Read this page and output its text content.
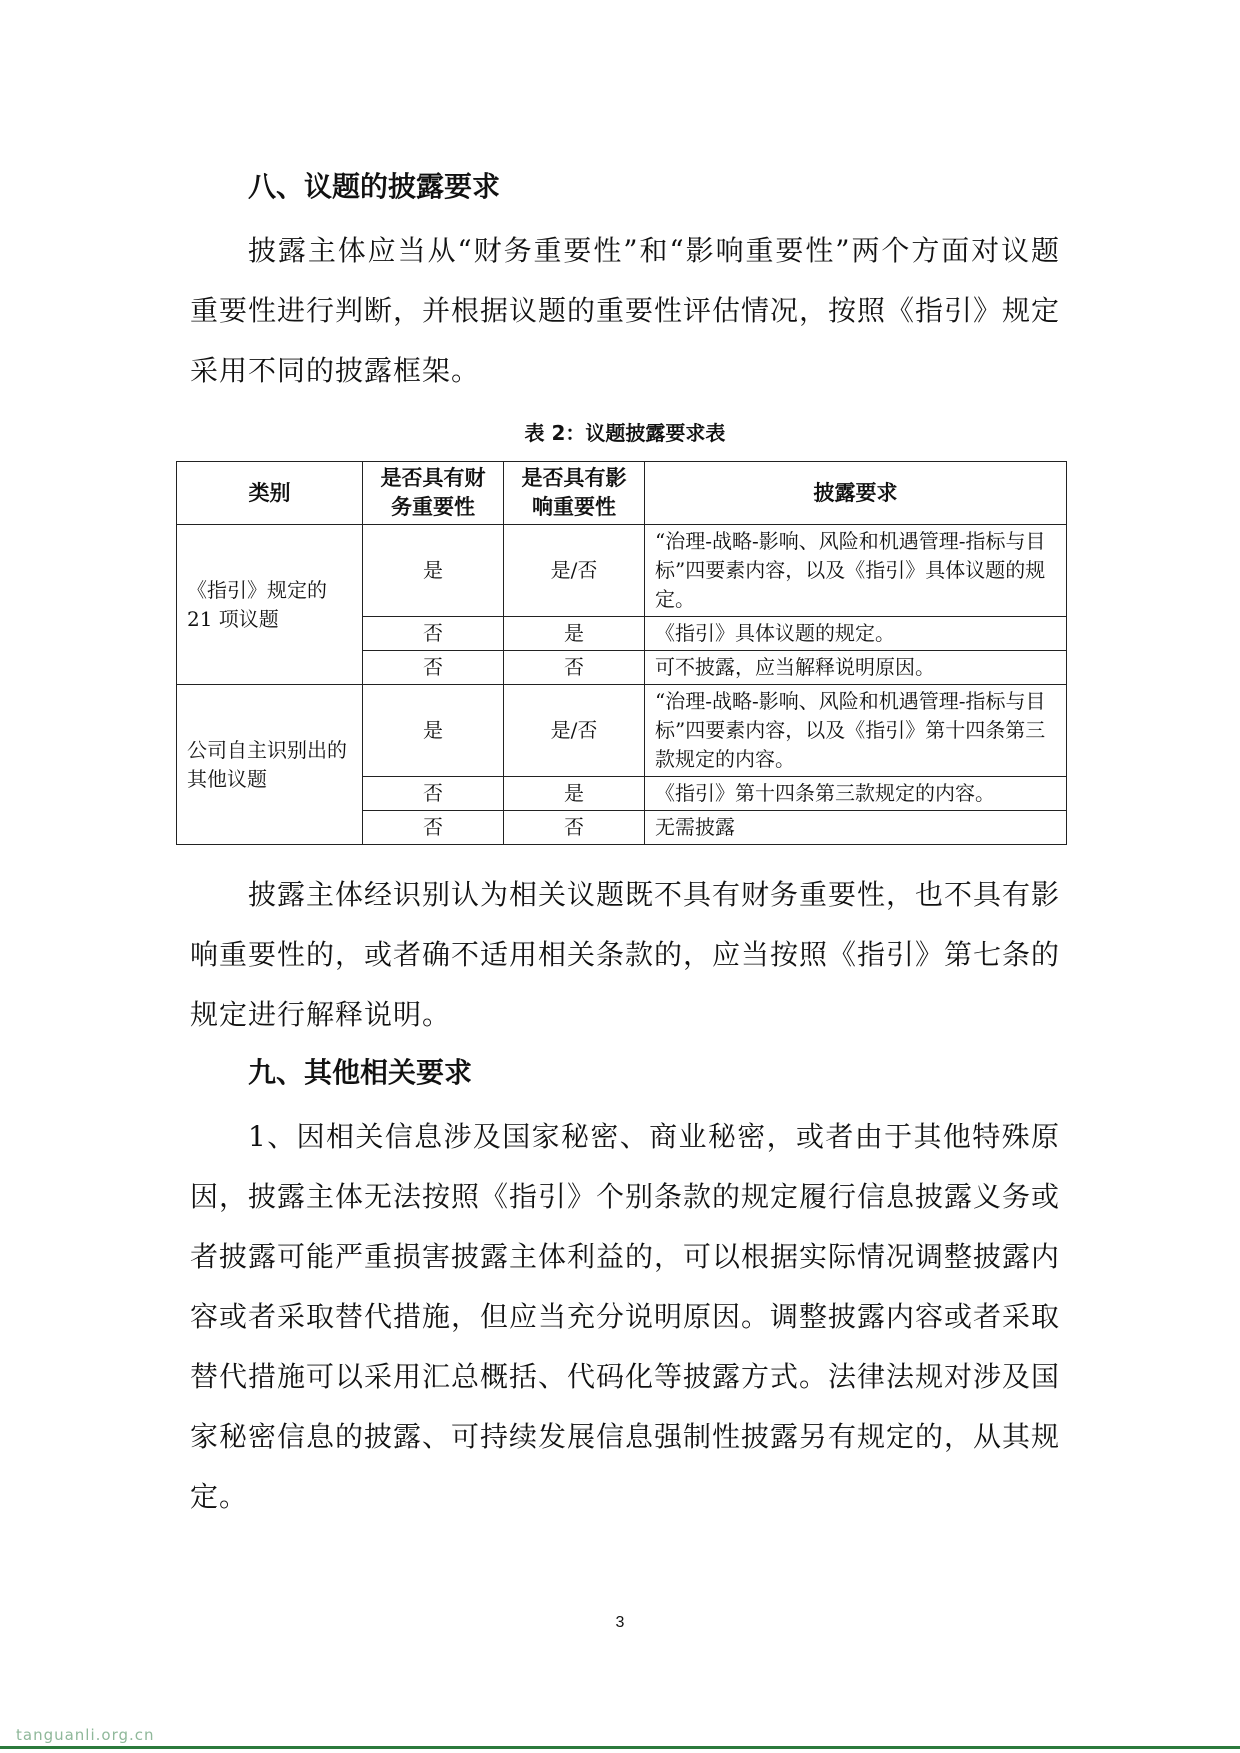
八、议题的披露要求

披露主体应当从“财务重要性”和“影响重要性”两个方面对议题重要性进行判断，并根据议题的重要性评估情况，按照《指引》规定采用不同的披露框架。

表 2：议题披露要求表
类别	是否具有财务重要性	是否具有影响重要性	披露要求
《指引》规定的 21 项议题	是	是/否	“治理-战略-影响、风险和机遇管理-指标与目标”四要素内容，以及《指引》具体议题的规定。
	否	是	《指引》具体议题的规定。
	否	否	可不披露，应当解释说明原因。
公司自主识别出的其他议题	是	是/否	“治理-战略-影响、风险和机遇管理-指标与目标”四要素内容，以及《指引》第十四条第三款规定的内容。
	否	是	《指引》第十四条第三款规定的内容。
	否	否	无需披露

披露主体经识别认为相关议题既不具有财务重要性，也不具有影响重要性的，或者确不适用相关条款的，应当按照《指引》第七条的规定进行解释说明。

九、其他相关要求

1、因相关信息涉及国家秘密、商业秘密，或者由于其他特殊原因，披露主体无法按照《指引》个别条款的规定履行信息披露义务或者披露可能严重损害披露主体利益的，可以根据实际情况调整披露内容或者采取替代措施，但应当充分说明原因。调整披露内容或者采取替代措施可以采用汇总概括、代码化等披露方式。法律法规对涉及国家秘密信息的披露、可持续发展信息强制性披露另有规定的，从其规定。

3
tanguanli.org.cn
